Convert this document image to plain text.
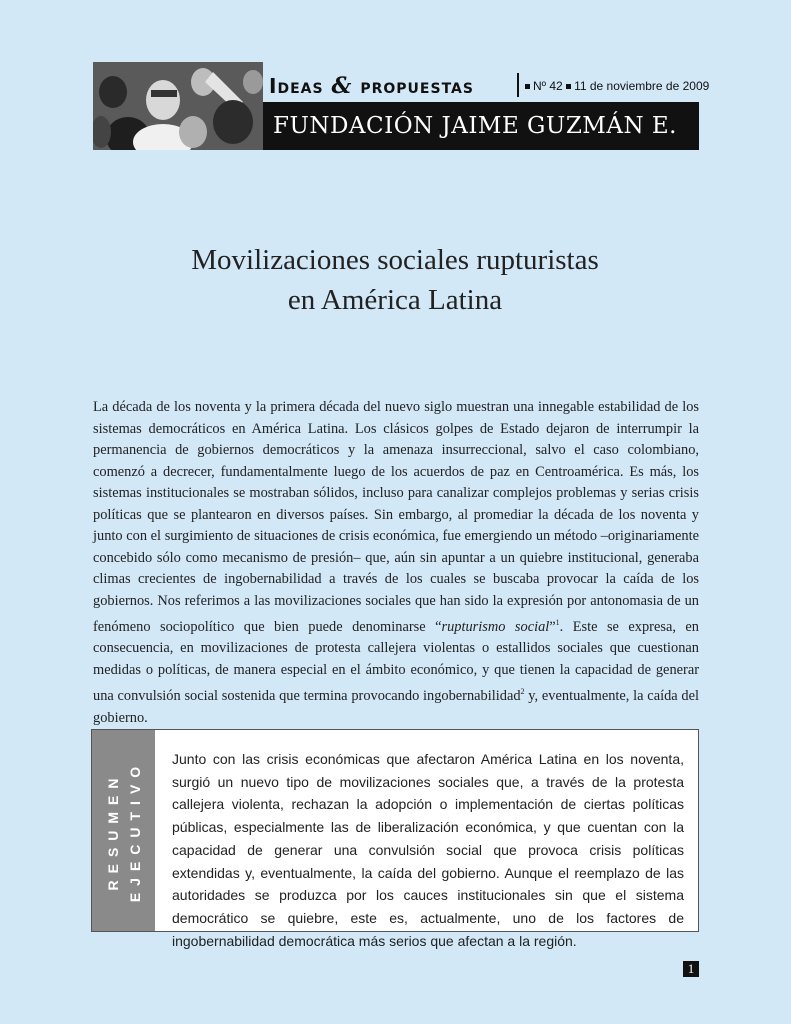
Ideas & propuestas	Nº 42 11 de noviembre de 2009
FUNDACIÓN JAIME GUZMÁN E.
Movilizaciones sociales rupturistas
en América Latina

La década de los noventa y la primera década del nuevo siglo muestran una innegable estabilidad de los sistemas democráticos en América Latina. Los clásicos golpes de Estado dejaron de interrumpir la permanencia de gobiernos democráticos y la amenaza insurreccional, salvo el caso colombiano, comenzó a decrecer, fundamentalmente luego de los acuerdos de paz en Centroamérica. Es más, los sistemas institucionales se mostraban sólidos, incluso para canalizar complejos problemas y serias crisis políticas que se plantearon en diversos países. Sin embargo, al promediar la década de los noventa y junto con el surgimiento de situaciones de crisis económica, fue emergiendo un método –originariamente concebido sólo como mecanismo de presión– que, aún sin apuntar a un quiebre institucional, generaba climas crecientes de ingobernabilidad a través de los cuales se buscaba provocar la caída de los gobiernos. Nos referimos a las movilizaciones sociales que han sido la expresión por antonomasia de un fenómeno sociopolítico que bien puede denominarse “rupturismo social”$^1$. Este se expresa, en consecuencia, en movilizaciones de protesta callejera violentas o estallidos sociales que cuestionan medidas o políticas, de manera especial en el ámbito económico, y que tienen la capacidad de generar una convulsión social sostenida que termina provocando ingobernabilidad$^2$ y, eventualmente, la caída del gobierno.

RESUMEN EJECUTIVO

Junto con las crisis económicas que afectaron América Latina en los noventa, surgió un nuevo tipo de movilizaciones sociales que, a través de la protesta callejera violenta, rechazan la adopción o implementación de ciertas políticas públicas, especialmente las de liberalización económica, y que cuentan con la capacidad de generar una convulsión social que provoca crisis políticas extendidas y, eventualmente, la caída del gobierno. Aunque el reemplazo de las autoridades se produzca por los cauces institucionales sin que el sistema democrático se quiebre, este es, actualmente, uno de los factores de ingobernabilidad democrática más serios que afectan a la región.

1
